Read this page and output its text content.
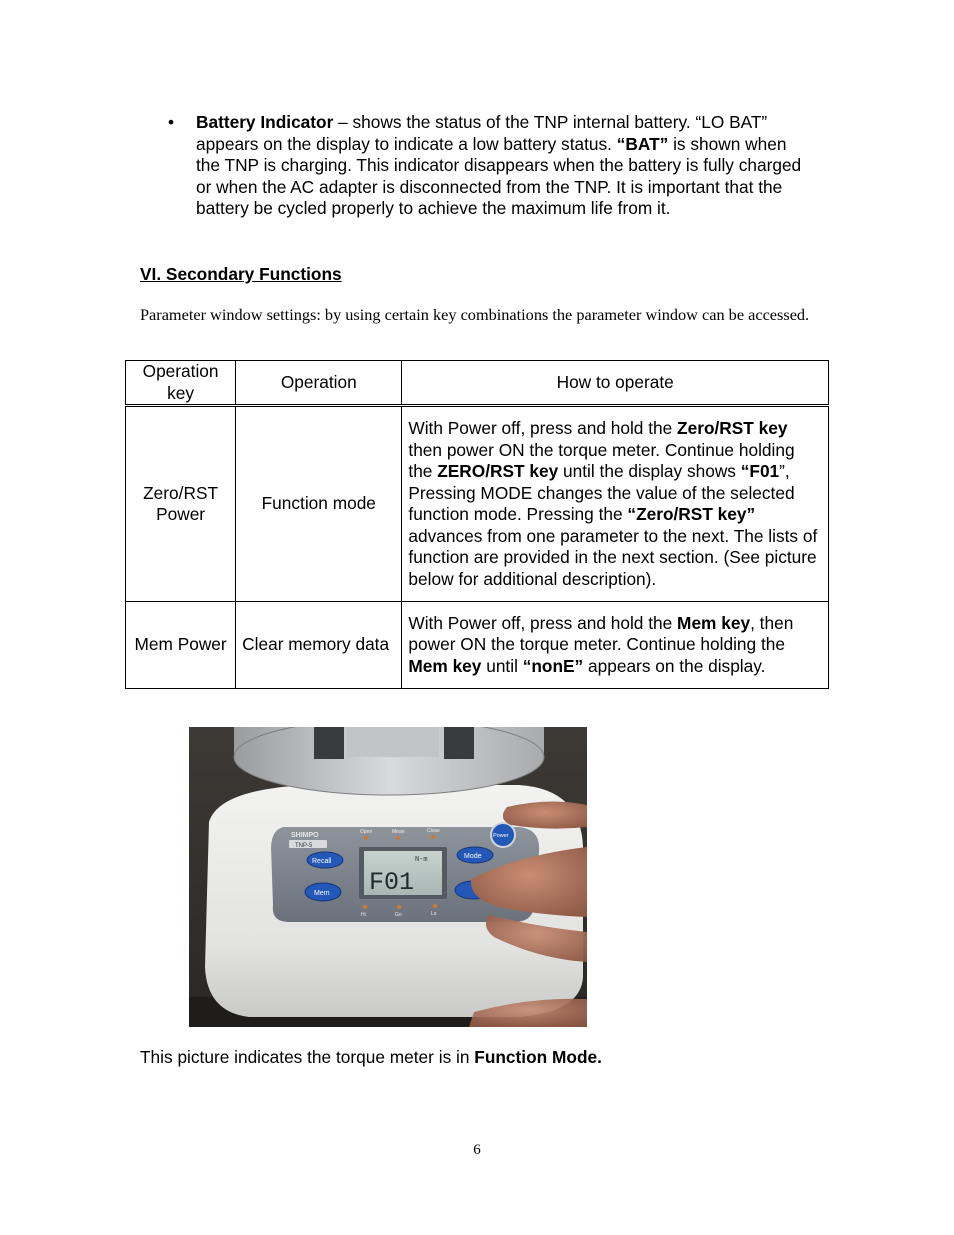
• Battery Indicator – shows the status of the TNP internal battery. “LO BAT” appears on the display to indicate a low battery status. “BAT” is shown when the TNP is charging. This indicator disappears when the battery is fully charged or when the AC adapter is disconnected from the TNP. It is important that the battery be cycled properly to achieve the maximum life from it.
VI. Secondary Functions
Parameter window settings: by using certain key combinations the parameter window can be accessed.
Operation key	Operation	How to operate
Zero/RST Power	Function mode	With Power off, press and hold the Zero/RST key then power ON the torque meter. Continue holding the ZERO/RST key until the display shows “F01”, Pressing MODE changes the value of the selected function mode. Pressing the “Zero/RST key” advances from one parameter to the next. The lists of function are provided in the next section. (See picture below for additional description).
Mem Power	Clear memory data	With Power off, press and hold the Mem key, then power ON the torque meter. Continue holding the Mem key until “nonE” appears on the display.
SHIMPO
TNP-5
Open	Mean	Close
N-m
F01
Hi	Go	Lo
Recall
Mem
Mode
Power
This picture indicates the torque meter is in Function Mode.
6
